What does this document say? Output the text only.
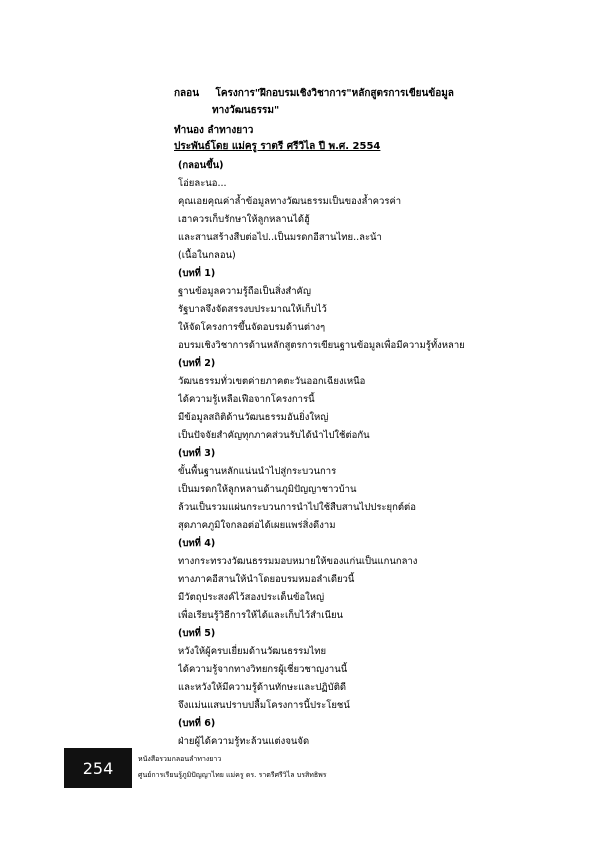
กลอน โครงการ"ฝึกอบรมเชิงวิชาการ"หลักสูตรการเขียนข้อมูล
ทางวัฒนธรรม"
ทำนอง ลำทางยาว
ประพันธ์โดย แม่ครู ราตรี ศรีวิไล ปี พ.ศ. 2554
(กลอนขึ้น)
โอ่ยละนอ...
คุณเอยคุณค่าล้ำข้อมูลทางวัฒนธรรมเป็นของล้ำควรค่า
เฮาควรเก็บรักษาให้ลูกหลานได้ฮู้
และสานสร้างสืบต่อไป..เป็นมรดกอีสานไทย..ละน้า
(เนื้อในกลอน)
(บทที่ 1)
ฐานข้อมูลความรู้ถือเป็นสิ่งสำคัญ
รัฐบาลจึงจัดสรรงบประมาณให้เก็บไว้
ให้จัดโครงการขึ้นจัดอบรมด้านต่างๆ
อบรมเชิงวิชาการด้านหลักสูตรการเขียนฐานข้อมูลเพื่อมีความรู้ทั้งหลาย
(บทที่ 2)
วัฒนธรรมทั่วเขตค่ายภาคตะวันออกเฉียงเหนือ
ได้ความรู้เหลือเฟือจากโครงการนี้
มีข้อมูลสถิติด้านวัฒนธรรมอันยิ่งใหญ่
เป็นปัจจัยสำคัญทุกภาคส่วนรับได้นำไปใช้ต่อกัน
(บทที่ 3)
ขั้นพื้นฐานหลักแน่นนำไปสู่กระบวนการ
เป็นมรดกให้ลูกหลานด้านภูมิปัญญาชาวบ้าน
ล้วนเป็นรวมแผ่นกระบวนการนำไปใช้สืบสานไปประยุกต์ต่อ
สุดภาคภูมิใจกลอต่อได้เผยแพร่สิ่งดีงาม
(บทที่ 4)
ทางกระทรวงวัฒนธรรมมอบหมายให้ของแก่นเป็นแกนกลาง
ทางภาคอีสานให้นำโดยอบรมหมอลำเดียวนี้
มีวัตถุประสงค์ไว้สองประเด็นข้อใหญ่
เพื่อเรียนรู้วิธีการให้ได้และเก็บไว้สำเนียน
(บทที่ 5)
หวังให้ผู้ครบเยี่ยมด้านวัฒนธรรมไทย
ได้ความรู้จากทางวิทยกรผู้เชี่ยวชาญงานนี้
และหวังให้มีความรู้ด้านทักษะและปฏิบัติดี
จึงแม่นแสนปราบปลื้มโครงการนี้ประโยชน์
(บทที่ 6)
ฝ่ายผู้ได้ความรู้ทะล้วนแต่งจนจัด
254	หนังสือรวมกลอนลำทางยาว
ศูนย์การเรียนรู้ภูมิปัญญาไทย แม่ครู ดร. ราตรีศรีวิไล บรสิทธิพร
